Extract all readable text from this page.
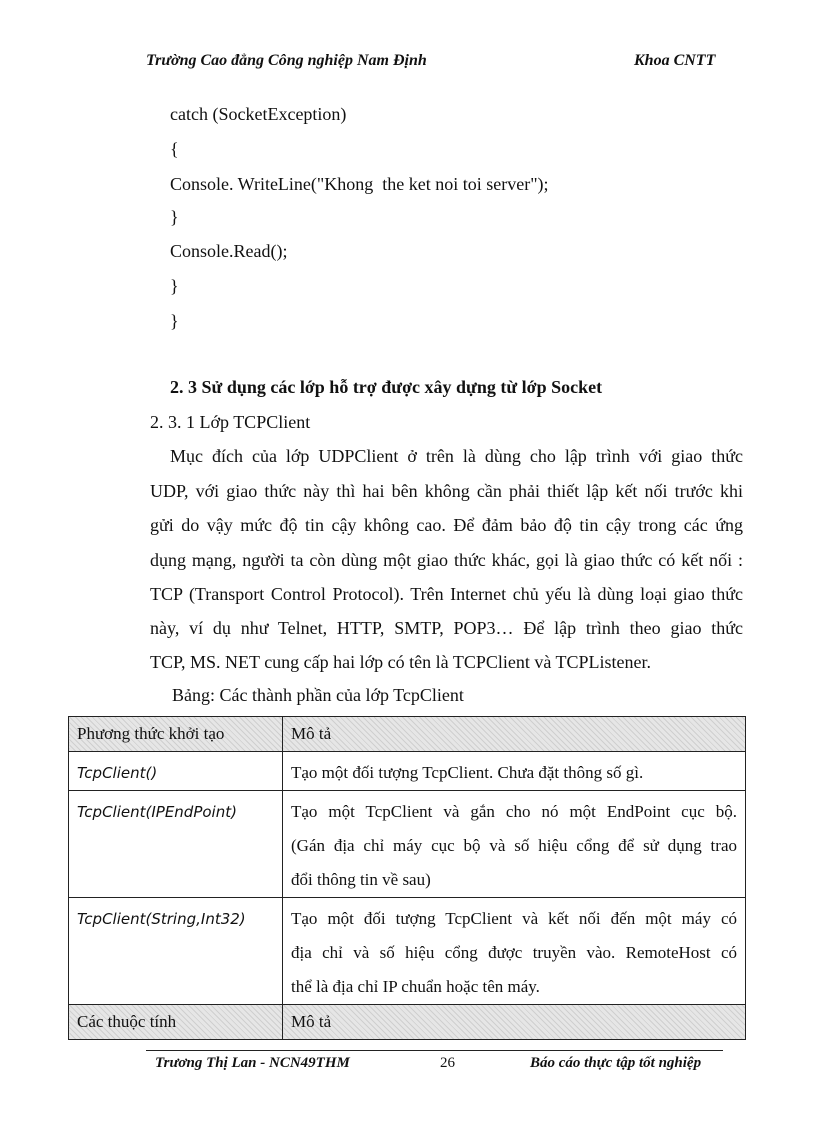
Trường Cao đẳng Công nghiệp Nam Định	Khoa CNTT
catch (SocketException)
{
Console. WriteLine("Khong  the ket noi toi server");
}
Console.Read();
}
}
2. 3 Sử dụng các lớp hỗ trợ được xây dựng từ lớp Socket
2. 3. 1 Lớp TCPClient
Mục đích của lớp UDPClient ở trên là dùng cho lập trình với giao thức
UDP, với giao thức này thì hai bên không cần phải thiết lập kết nối trước khi
gửi do vậy mức độ tin cậy không cao. Để đảm bảo độ tin cậy trong các ứng
dụng mạng, người ta còn dùng một giao thức khác, gọi là giao thức có kết nối :
TCP (Transport Control Protocol). Trên Internet chủ yếu là dùng loại giao thức
này, ví dụ như Telnet, HTTP, SMTP, POP3… Để lập trình theo giao thức
TCP, MS. NET cung cấp hai lớp có tên là TCPClient và TCPListener.
Bảng: Các thành phần của lớp TcpClient
Phương thức khởi tạo	Mô tả
TcpClient()	Tạo một đối tượng TcpClient. Chưa đặt thông số gì.
TcpClient(IPEndPoint)	Tạo một TcpClient và gắn cho nó một EndPoint cục bộ.
(Gán địa chỉ máy cục bộ và số hiệu cổng để sử dụng trao
đổi thông tin về sau)

TcpClient(String,Int32)	Tạo một đối tượng TcpClient và kết nối đến một máy có
địa chỉ và số hiệu cổng được truyền vào. RemoteHost có
thể là địa chỉ IP chuẩn hoặc tên máy.

Các thuộc tính	Mô tả
Trương Thị Lan - NCN49THM	26	Báo cáo thực tập tốt nghiệp
